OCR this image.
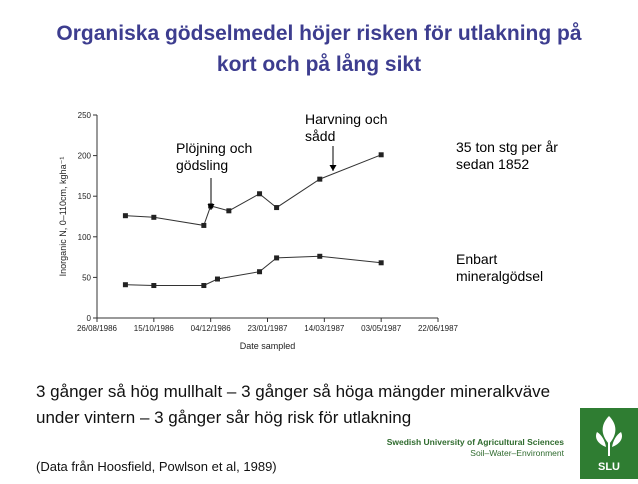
Organiska gödselmedel höjer risken för utlakning på
kort och på lång sikt
0
50
100
150
200
250
26/08/1986 15/10/1986 04/12/1986 23/01/1987 14/03/1987 03/05/1987 22/06/1987
Inorganic N, 0–110cm, kgha⁻¹
Date sampled
Plöjning och
gödsling
Harvning och
sådd
35 ton stg per år
sedan 1852
Enbart
mineralgödsel
3 gånger så hög mullhalt – 3 gånger så höga mängder mineralkväve
under vintern – 3 gånger sår hög risk för utlakning
Swedish University of Agricultural Sciences
Soil–Water–Environment
(Data från Hoosfield, Powlson et al, 1989)	SLU
